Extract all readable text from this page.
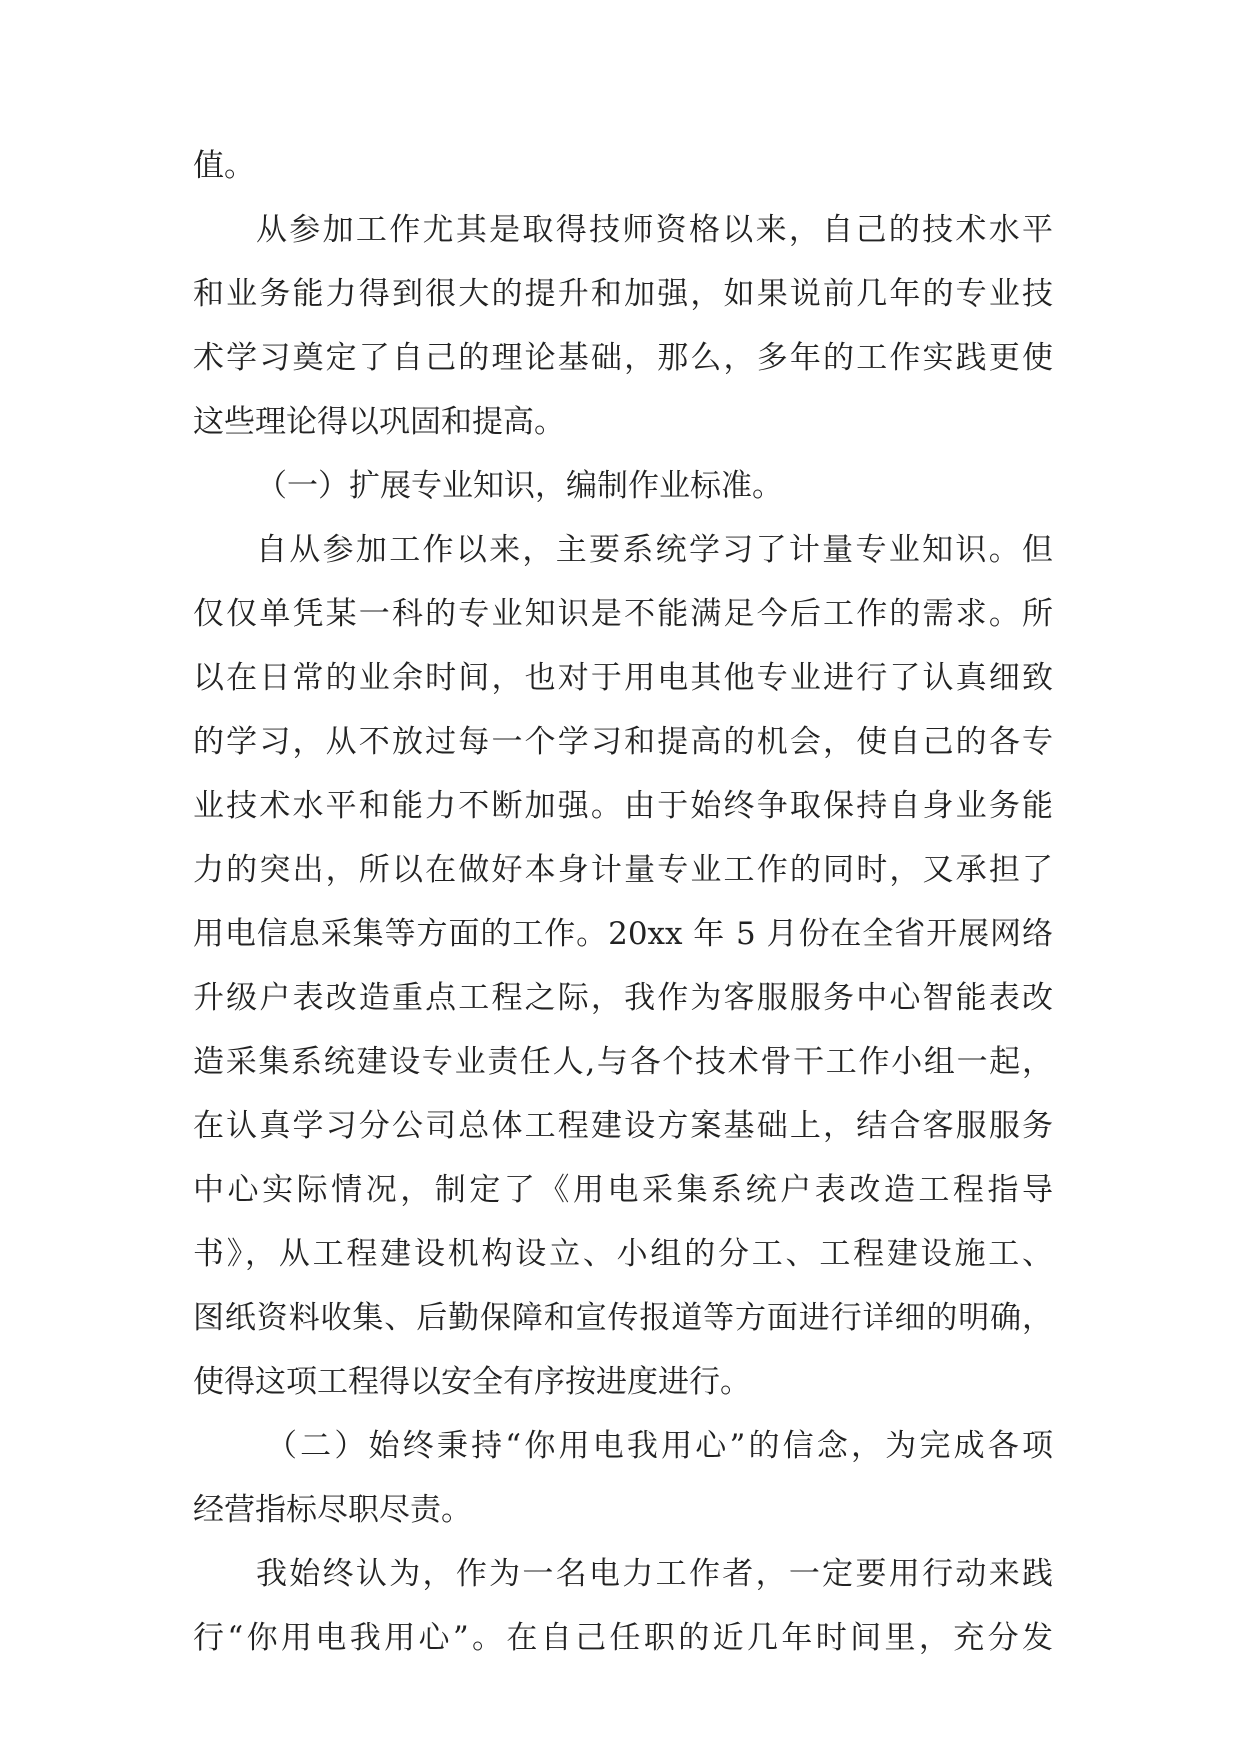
值。
从参加工作尤其是取得技师资格以来，自己的技术水平
和业务能力得到很大的提升和加强，如果说前几年的专业技
术学习奠定了自己的理论基础，那么，多年的工作实践更使
这些理论得以巩固和提高。
（一）扩展专业知识，编制作业标准。
自从参加工作以来，主要系统学习了计量专业知识。但
仅仅单凭某一科的专业知识是不能满足今后工作的需求。所
以在日常的业余时间，也对于用电其他专业进行了认真细致
的学习，从不放过每一个学习和提高的机会，使自己的各专
业技术水平和能力不断加强。由于始终争取保持自身业务能
力的突出，所以在做好本身计量专业工作的同时，又承担了
用电信息采集等方面的工作。20xx 年 5 月份在全省开展网络
升级户表改造重点工程之际，我作为客服服务中心智能表改
造采集系统建设专业责任人,与各个技术骨干工作小组一起，
在认真学习分公司总体工程建设方案基础上，结合客服服务
中心实际情况，制定了《用电采集系统户表改造工程指导
书》，从工程建设机构设立、小组的分工、工程建设施工、
图纸资料收集、后勤保障和宣传报道等方面进行详细的明确，
使得这项工程得以安全有序按进度进行。
（二）始终秉持“你用电我用心”的信念，为完成各项
经营指标尽职尽责。
我始终认为，作为一名电力工作者，一定要用行动来践
行“你用电我用心”。在自己任职的近几年时间里，充分发
